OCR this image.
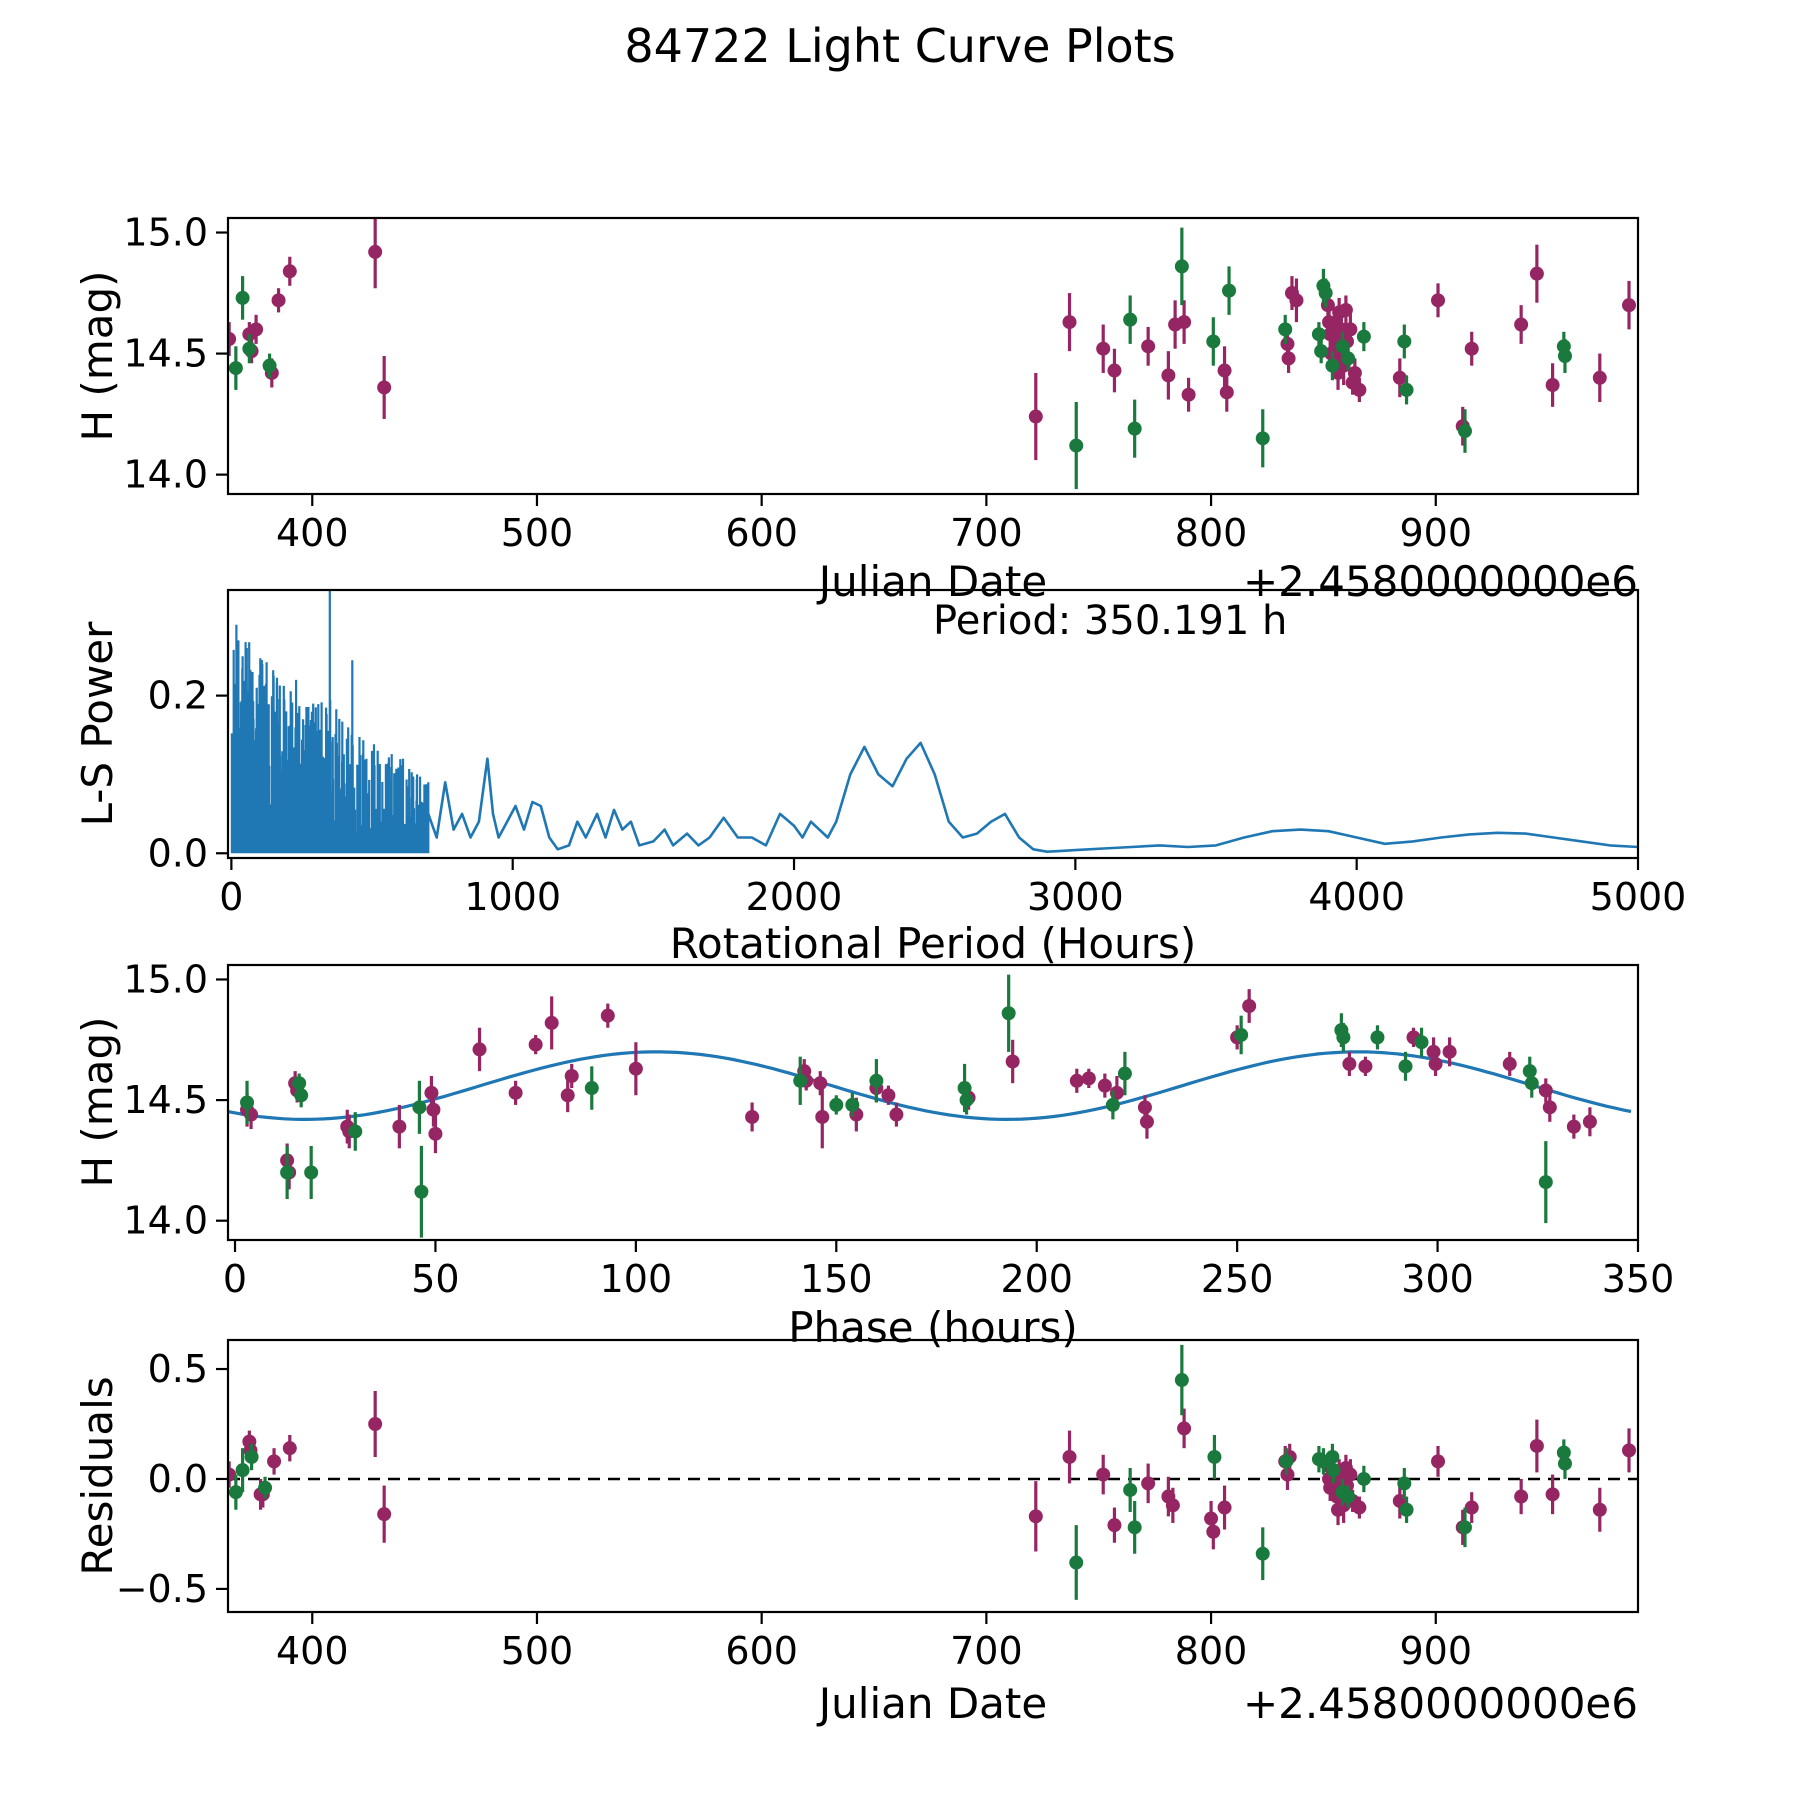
400	500	600	700	800	900
14.0
14.5
15.0
0	1000	2000	3000	4000	5000
0.0
0.2
0	50	100	150	200	250	300	350
14.0
14.5
15.0
400	500	600	700	800	900
0.5
0.0
−0.5
84722 Light Curve Plots
Julian Date	+2.4580000000e6
H (mag)
Period: 350.191 h
Rotational Period (Hours)
L-S Power
Phase (hours)
H (mag)
Julian Date	+2.4580000000e6
Residuals
